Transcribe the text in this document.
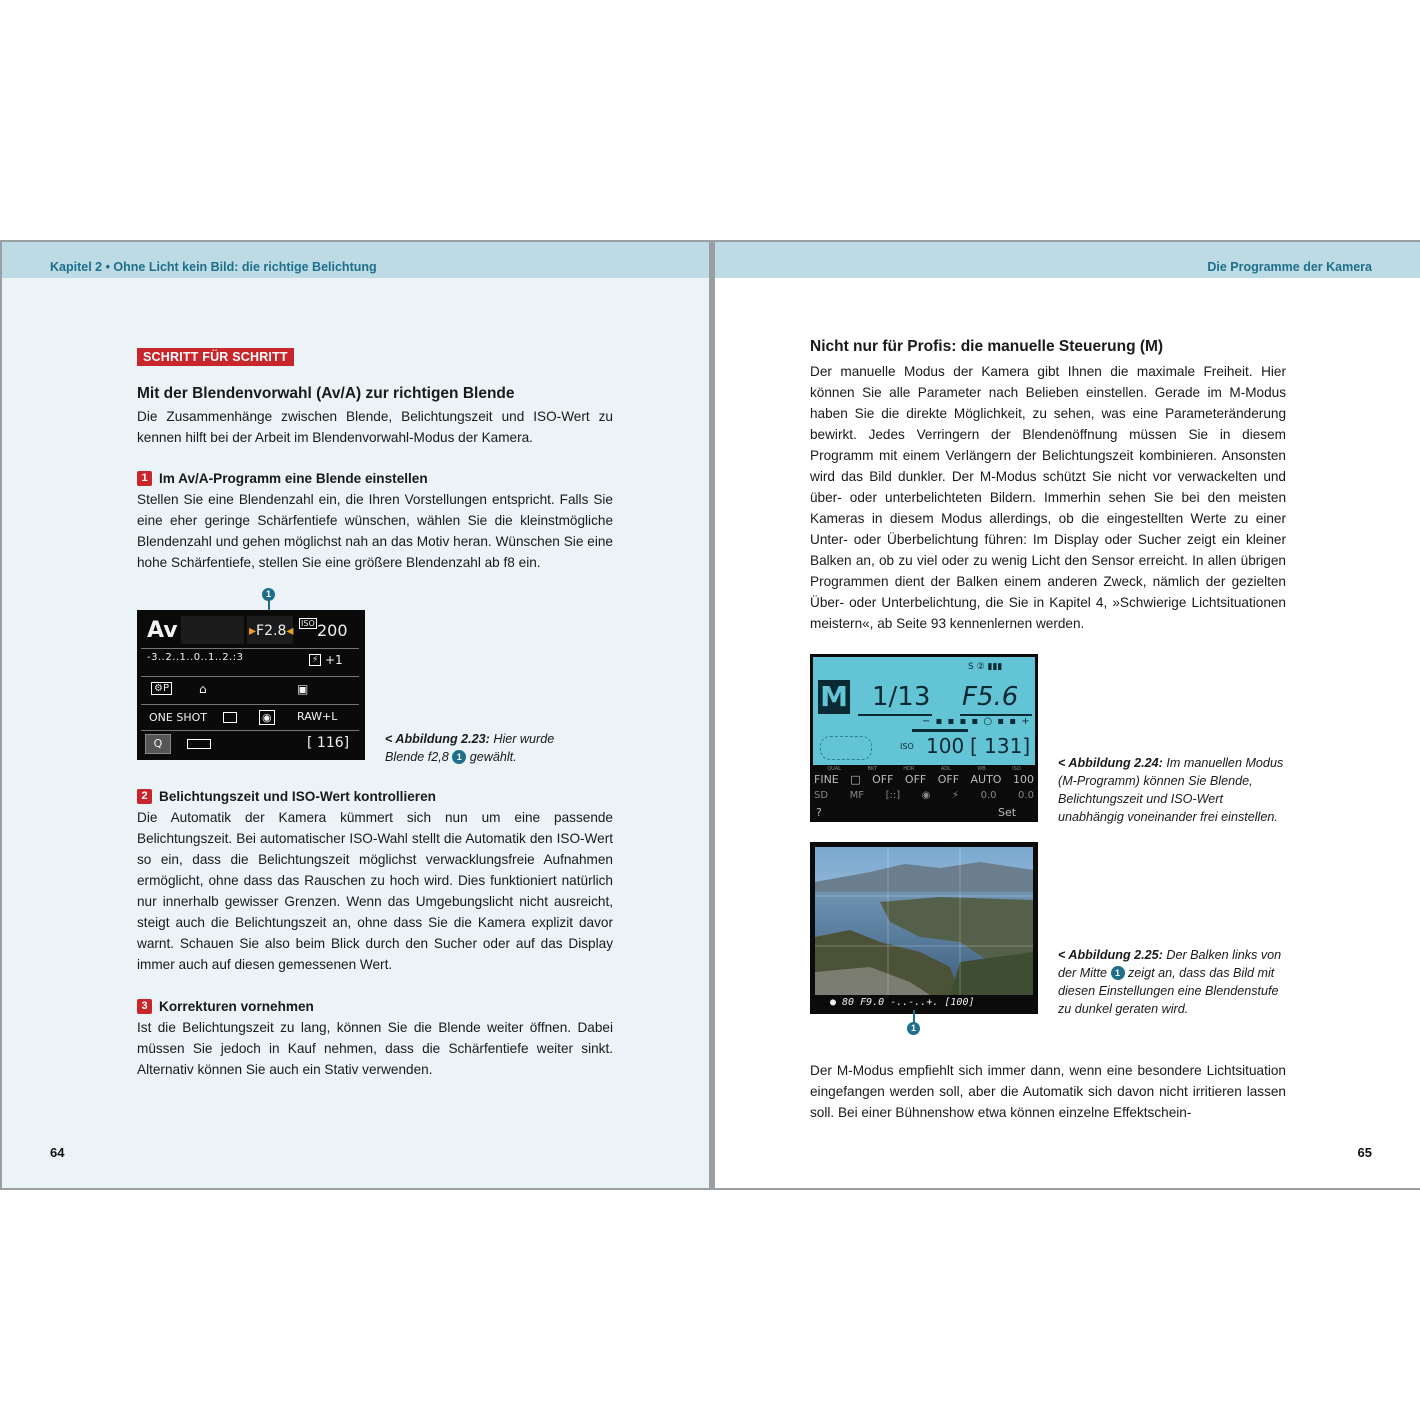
Kapitel 2 • Ohne Licht kein Bild: die richtige Belichtung
SCHRITT FÜR SCHRITT

Mit der Blendenvorwahl (Av/A) zur richtigen Blende

Die Zusammenhänge zwischen Blende, Belichtungszeit und ISO-Wert zu kennen hilft bei der Arbeit im Blendenvorwahl-Modus der Kamera.

1 Im Av/A-Programm eine Blende einstellen

Stellen Sie eine Blendenzahl ein, die Ihren Vorstellungen entspricht. Falls Sie eine eher geringe Schärfentiefe wünschen, wählen Sie die kleinstmögliche Blendenzahl und gehen möglichst nah an das Motiv heran. Wünschen Sie eine hohe Schärfentiefe, stellen Sie eine größere Blendenzahl ab f8 ein.

1
Av	▸F2.8◂ ISO 200
-3..2..1..0..1..2.:3	⚡ +1
⚙P	⌂	▣
ONE SHOT	◉ RAW+L
Q	[ 116]	< Abbildung 2.23: Hier wurde Blende f2,8 1 gewählt.
2 Belichtungszeit und ISO-Wert kontrollieren

Die Automatik der Kamera kümmert sich nun um eine passende Belichtungszeit. Bei automatischer ISO-Wahl stellt die Automatik den ISO-Wert so ein, dass die Belichtungszeit möglichst verwacklungsfreie Aufnahmen ermöglicht, ohne dass das Rauschen zu hoch wird. Dies funktioniert natürlich nur innerhalb gewisser Grenzen. Wenn das Umgebungslicht nicht ausreicht, steigt auch die Belichtungszeit an, ohne dass Sie die Kamera explizit davor warnt. Schauen Sie also beim Blick durch den Sucher oder auf das Display immer auch auf diesen gemessenen Wert.

3 Korrekturen vornehmen

Ist die Belichtungszeit zu lang, können Sie die Blende weiter öffnen. Dabei müssen Sie jedoch in Kauf nehmen, dass die Schärfentiefe weiter sinkt. Alternativ können Sie auch ein Stativ verwenden.

64
Die Programme der Kamera

Nicht nur für Profis: die manuelle Steuerung (M)

Der manuelle Modus der Kamera gibt Ihnen die maximale Freiheit. Hier können Sie alle Parameter nach Belieben einstellen. Gerade im M-Modus haben Sie die direkte Möglichkeit, zu sehen, was eine Parameteränderung bewirkt. Jedes Verringern der Blendenöffnung müssen Sie in diesem Programm mit einem Verlängern der Belichtungszeit kombinieren. Ansonsten wird das Bild dunkler. Der M-Modus schützt Sie nicht vor verwackelten und über- oder unterbelichteten Bildern. Immerhin sehen Sie bei den meisten Kameras in diesem Modus allerdings, ob die eingestellten Werte zu einer Unter- oder Überbelichtung führen: Im Display oder Sucher zeigt ein kleiner Balken an, ob zu viel oder zu wenig Licht den Sensor erreicht. In allen übrigen Programmen dient der Balken einem anderen Zweck, nämlich der gezielten Über- oder Unterbelichtung, die Sie in Kapitel 4, »Schwierige Lichtsituationen meistern«, ab Seite 93 kennenlernen werden.

S ② ▮▮▮
M 1/13 F5.6
− ▪ ▪ ▪ ▪ ○ ▪ ▪ +
ISO 100 [ 131]
QUAL	BKT	HDR	ADL	WB	ISO
FINE □ OFF OFF OFF AUTO 100
SD MF [::] ◉ ⚡ 0.0 0.0
?	Set
< Abbildung 2.24: Im manuellen Modus (M-Programm) können Sie Blende, Belichtungszeit und ISO-Wert unabhängig voneinander frei einstellen.
● 80 F9.0 -..-..+. [100]
1
< Abbildung 2.25: Der Balken links von der Mitte 1 zeigt an, dass das Bild mit diesen Einstellungen eine Blendenstufe zu dunkel geraten wird.

Der M-Modus empfiehlt sich immer dann, wenn eine besondere Lichtsituation eingefangen werden soll, aber die Automatik sich davon nicht irritieren lassen soll. Bei einer Bühnenshow etwa können einzelne Effektschein-

65
